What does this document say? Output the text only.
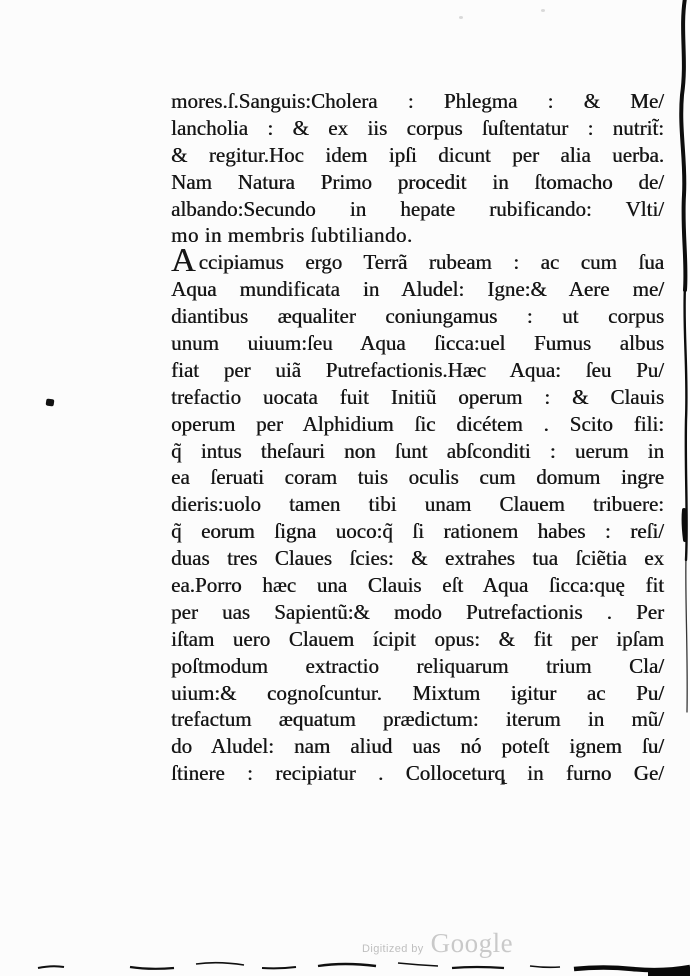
mores.ſ.Sanguis:Cholera : Phlegma : & Me/
lancholia : & ex iis corpus ſuſtentatur : nutrit̃:
& regitur.Hoc idem ipſi dicunt per alia uerba.
Nam Natura Primo procedit in ſtomacho de/
albando:Secundo in hepate rubificando: Vlti/
mo in membris ſubtiliando.
Accipiamus ergo Terrã rubeam : ac cum ſua
Aqua mundificata in Aludel: Igne:& Aere me/
diantibus æqualiter coniungamus : ut corpus
unum uiuum:ſeu Aqua ſicca:uel Fumus albus
fiat per uiã Putrefactionis.Hæc Aqua: ſeu Pu/
trefactio uocata fuit Initiũ operum : & Clauis
operum per Alphidium ſic dicétem . Scito fili:
q̃ intus theſauri non ſunt abſconditi : uerum in
ea ſeruati coram tuis oculis cum domum ingre
dieris:uolo tamen tibi unam Clauem tribuere:
q̃ eorum ſigna uoco:q̃ ſi rationem habes : reſi/
duas tres Claues ſcies: & extrahes tua ſciẽtia ex
ea.Porro hæc una Clauis eſt Aqua ſicca:quę fit
per uas Sapientũ:& modo Putrefactionis . Per
iſtam uero Clauem ícipit opus: & fit per ipſam
poſtmodum extractio reliquarum trium Cla/
uium:& cognoſcuntur. Mixtum igitur ac Pu/
trefactum æquatum prædictum: iterum in mũ/
do Aludel: nam aliud uas nó poteſt ignem ſu/
ſtinere : recipiatur . Colloceturq̨ in furno Ge/
Digitized by Google
